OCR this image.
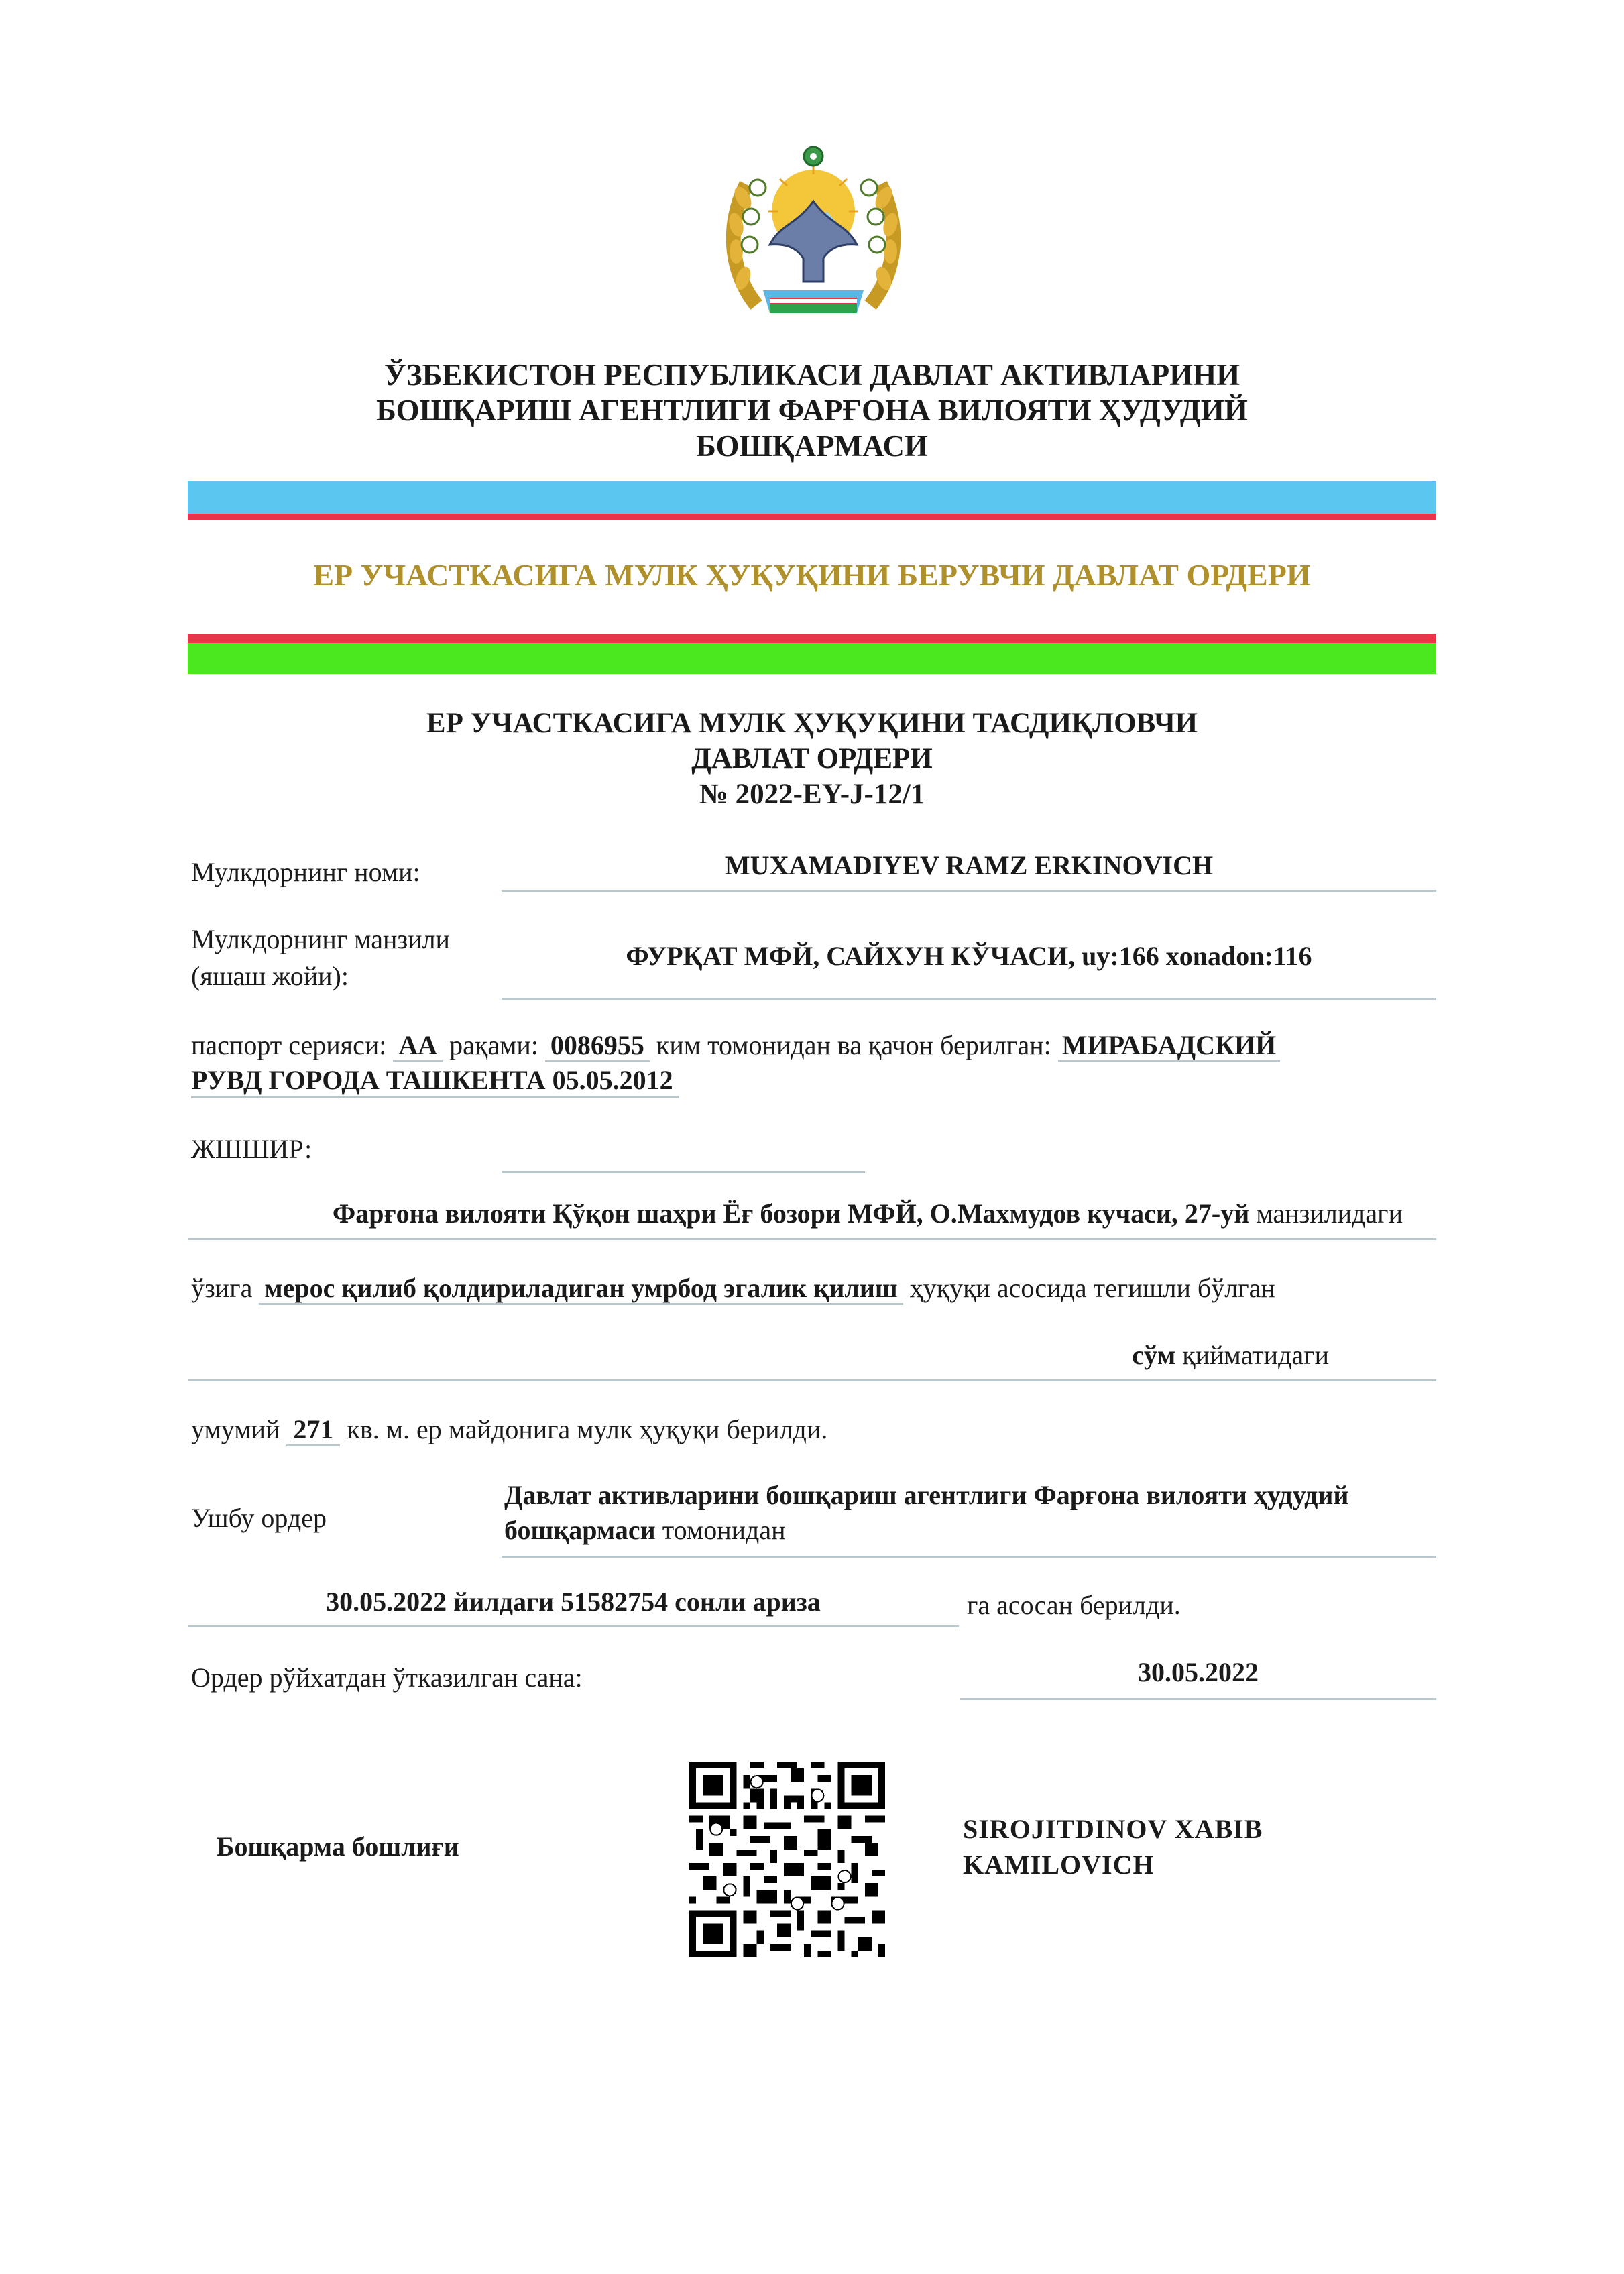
ЎЗБЕКИСТОН РЕСПУБЛИКАСИ ДАВЛАТ АКТИВЛАРИНИ
БОШҚАРИШ АГЕНТЛИГИ ФАРҒОНА ВИЛОЯТИ ҲУДУДИЙ
БОШҚАРМАСИ
ЕР УЧАСТКАСИГА МУЛК ҲУҚУҚИНИ БЕРУВЧИ ДАВЛАТ ОРДЕРИ
ЕР УЧАСТКАСИГА МУЛК ҲУҚУҚИНИ ТАСДИҚЛОВЧИ
ДАВЛАТ ОРДЕРИ
№ 2022-EY-J-12/1
Мулкдорнинг номи:	MUXAMADIYEV RAMZ ERKINOVICH
Мулкдорнинг манзили
(яшаш жойи):
ФУРҚАТ МФЙ, САЙХУН КЎЧАСИ, uy:166 xonadon:116
паспорт серияси: АА рақами: 0086955 ким томонидан ва қачон берилган: МИРАБАДСКИЙ
РУВД ГОРОДА ТАШКЕНТА 05.05.2012
ЖШШИР:
Фарғона вилояти Қўқон шаҳри Ёғ бозори МФЙ, О.Махмудов кучаси, 27-уй манзилидаги
ўзига мерос қилиб қолдириладиган умрбод эгалик қилиш ҳуқуқи асосида тегишли бўлган
сўм қийматидаги
умумий 271 кв. м. ер майдонига мулк ҳуқуқи берилди.
Ушбу ордер
Давлат активларини бошқариш агентлиги Фарғона вилояти ҳудудий
бошқармаси томонидан
30.05.2022 йилдаги 51582754 сонли ариза	га асосан берилди.
Ордер рўйхатдан ўтказилган сана:	30.05.2022
Бошқарма бошлиғи
SIROJITDINOV XABIB
KAMILOVICH
